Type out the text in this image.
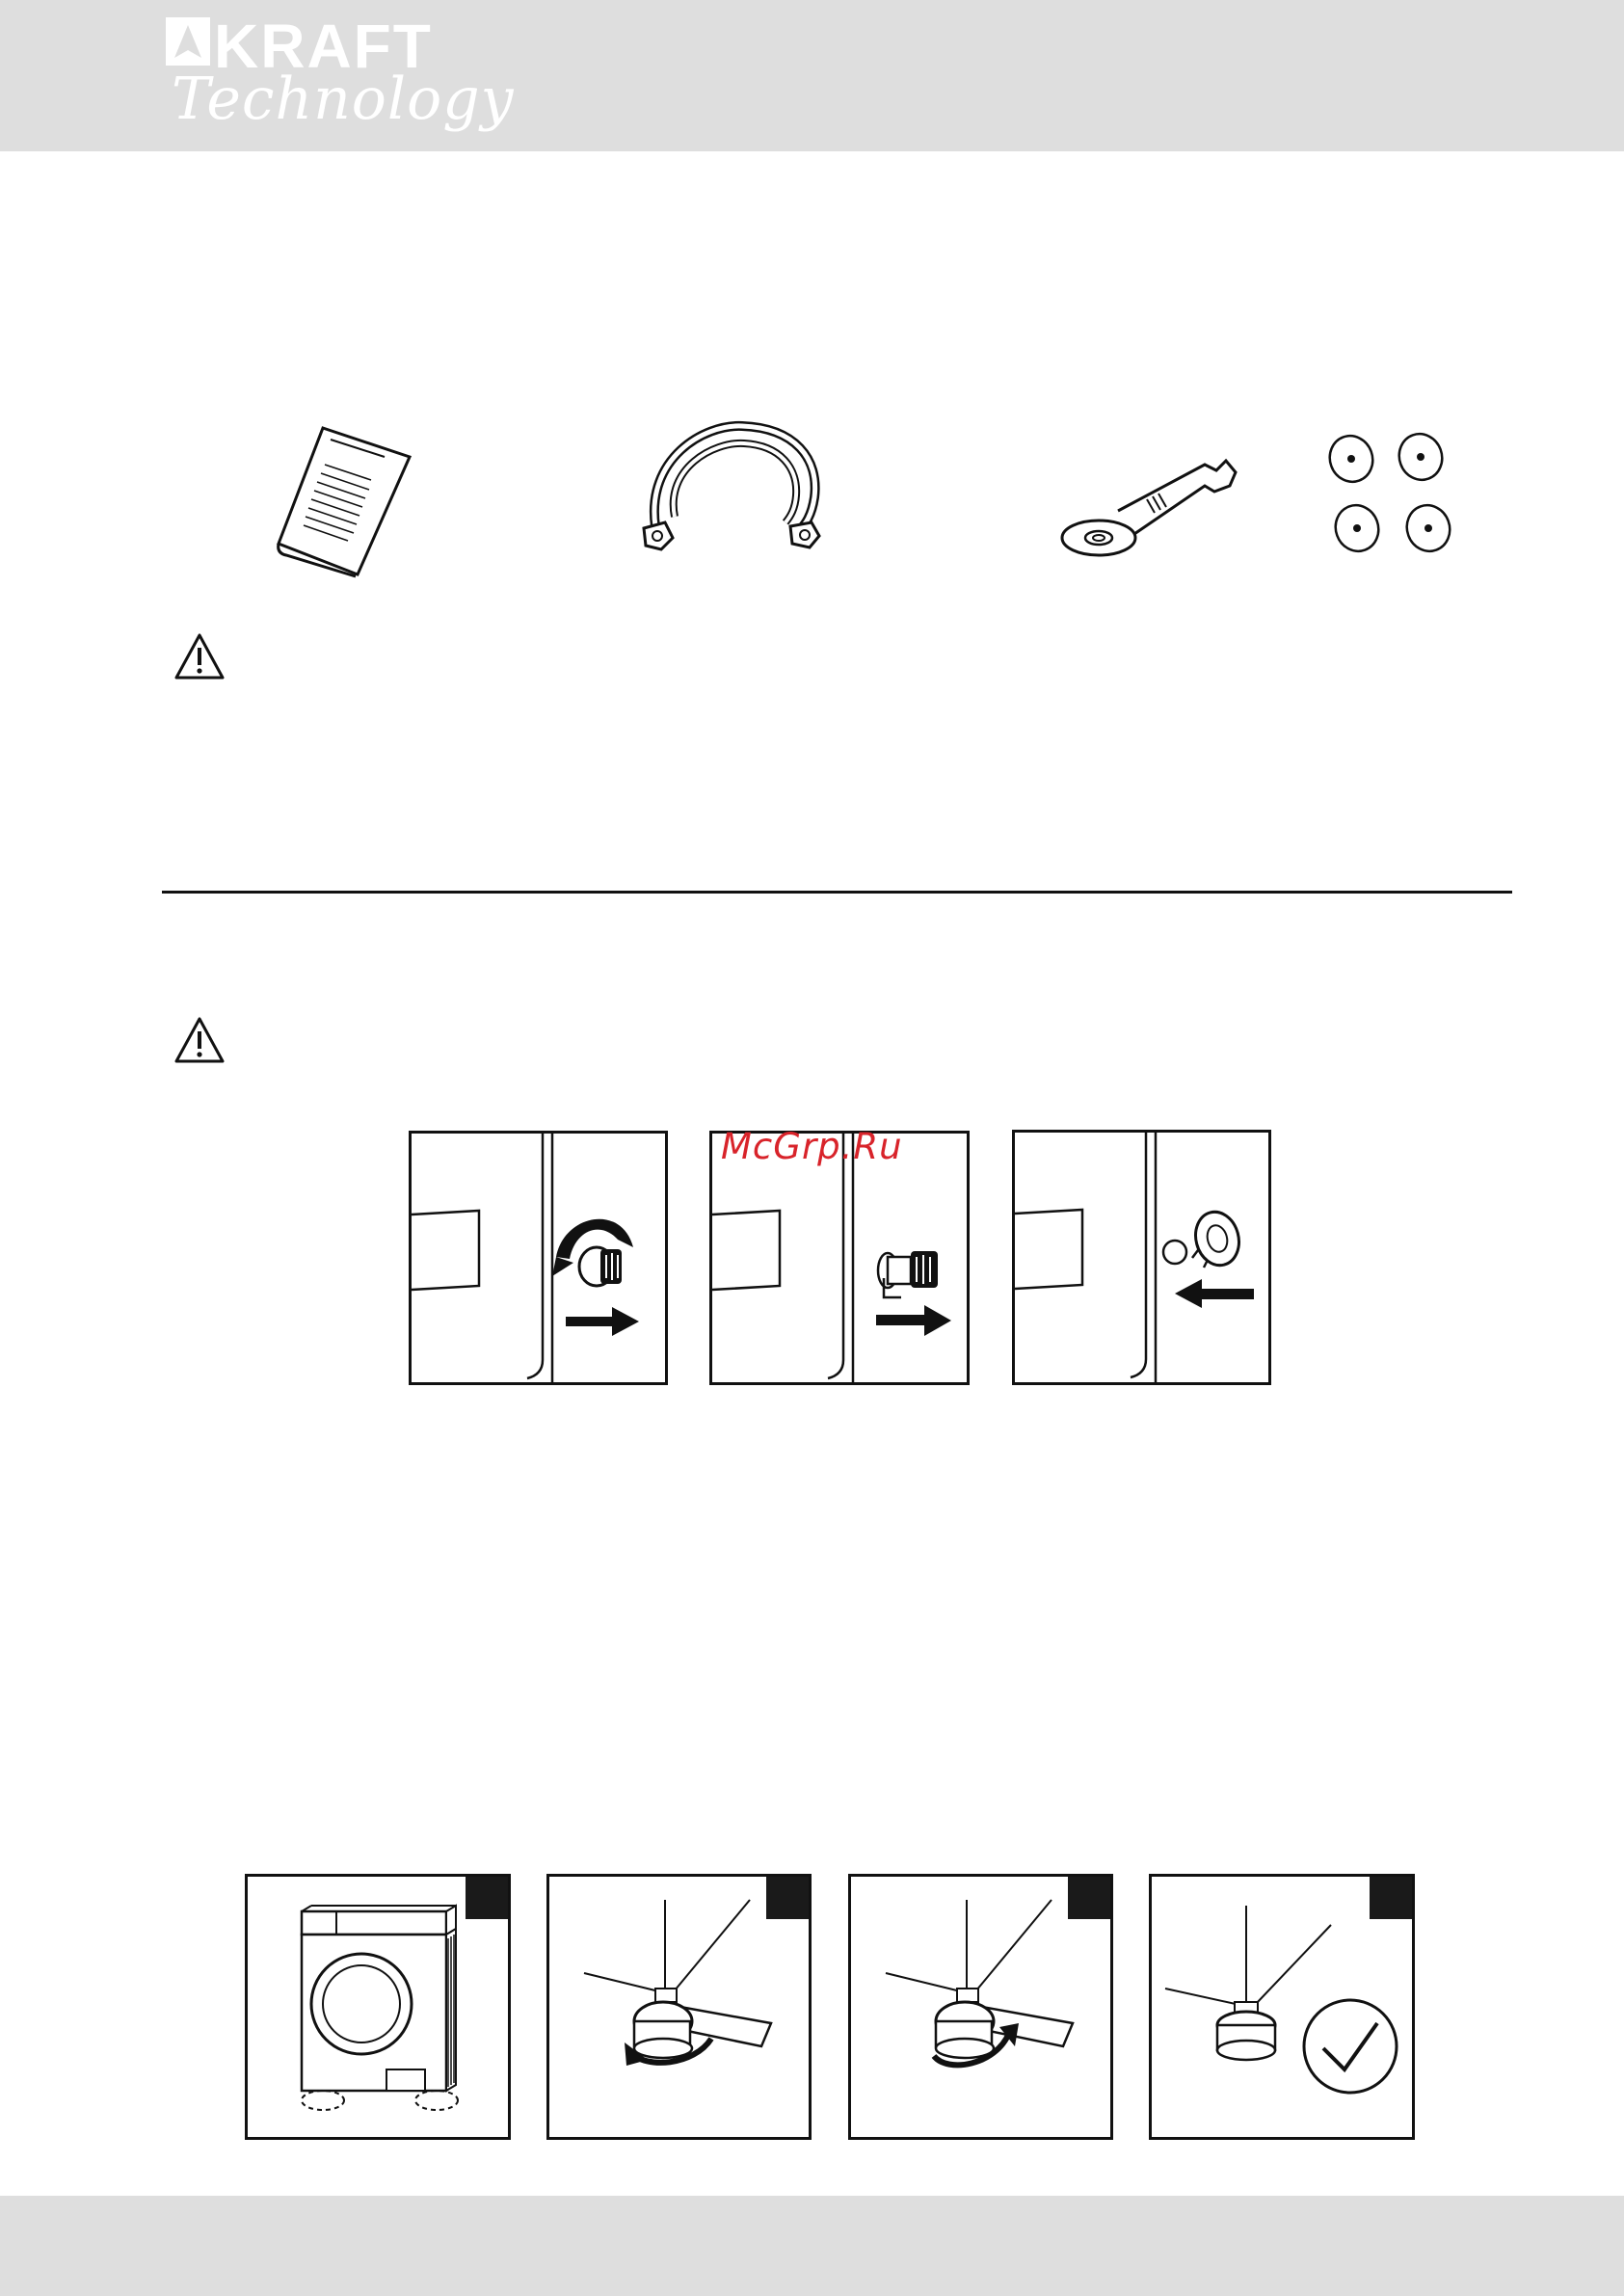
KRAFT
Technology
McGrp.Ru
